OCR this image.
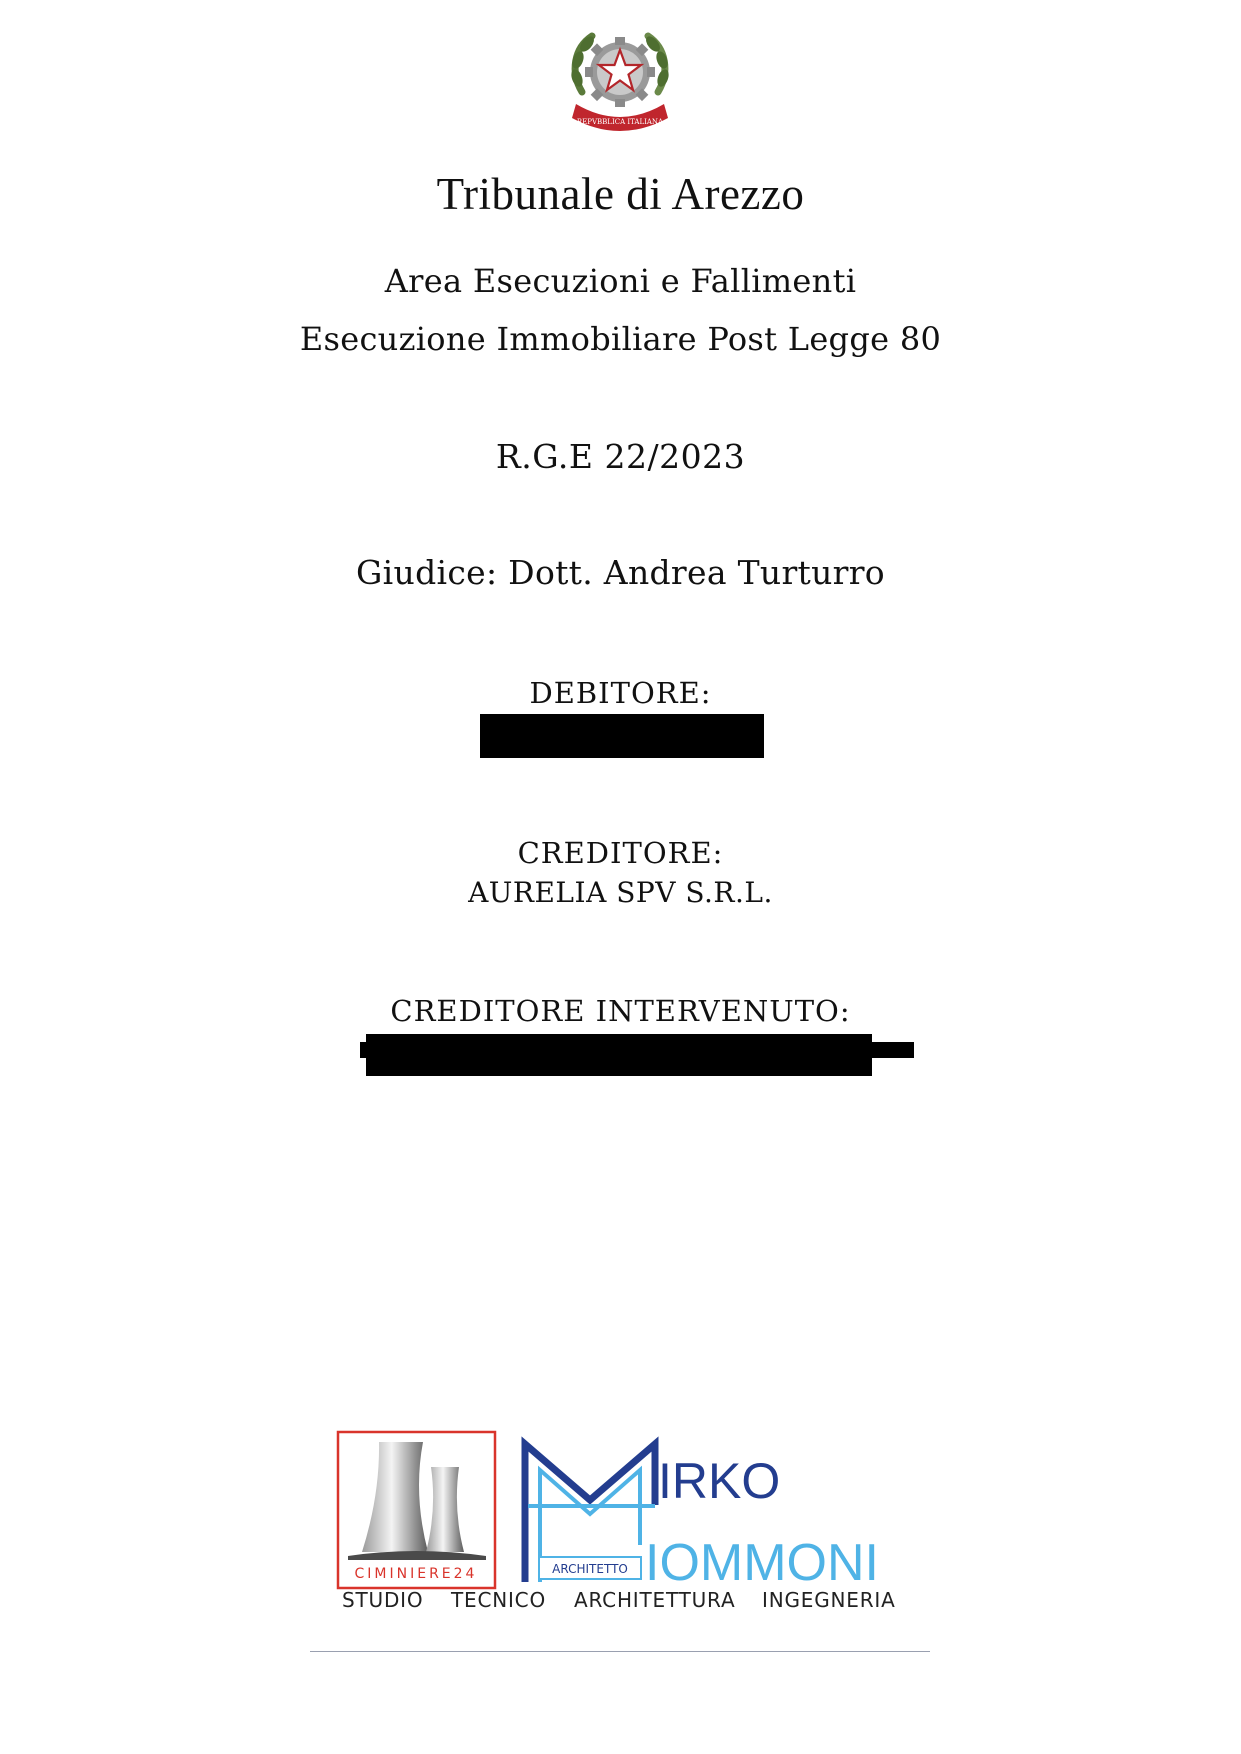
REPVBBLICA ITALIANA
Tribunale di Arezzo
Area Esecuzioni e Fallimenti
Esecuzione Immobiliare Post Legge 80
R.G.E 22/2023
Giudice: Dott. Andrea Turturro
DEBITORE:
CREDITORE:
AURELIA SPV S.R.L.
CREDITORE INTERVENUTO:
CIMINIERE24	ARCHITETTO
IRKO
IOMMONI
STUDIO TECNICO ARCHITETTURA INGEGNERIA
